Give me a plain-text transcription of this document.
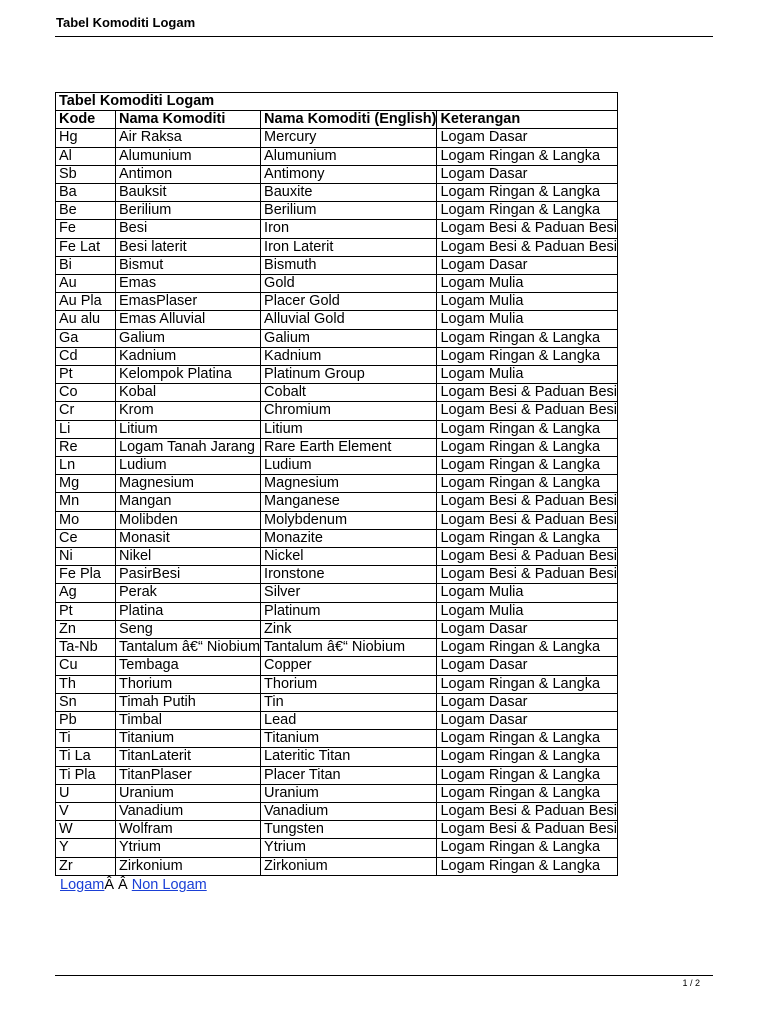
Tabel Komoditi Logam
Tabel Komoditi Logam			
Kode	Nama Komoditi	Nama Komoditi (English)	Keterangan
Hg	Air Raksa	Mercury	Logam Dasar
Al	Alumunium	Alumunium	Logam Ringan & Langka
Sb	Antimon	Antimony	Logam Dasar
Ba	Bauksit	Bauxite	Logam Ringan & Langka
Be	Berilium	Berilium	Logam Ringan & Langka
Fe	Besi	Iron	Logam Besi & Paduan Besi
Fe Lat	Besi laterit	Iron Laterit	Logam Besi & Paduan Besi
Bi	Bismut	Bismuth	Logam Dasar
Au	Emas	Gold	Logam Mulia
Au Pla	EmasPlaser	Placer Gold	Logam Mulia
Au alu	Emas Alluvial	Alluvial Gold	Logam Mulia
Ga	Galium	Galium	Logam Ringan & Langka
Cd	Kadnium	Kadnium	Logam Ringan & Langka
Pt	Kelompok Platina	Platinum Group	Logam Mulia
Co	Kobal	Cobalt	Logam Besi & Paduan Besi
Cr	Krom	Chromium	Logam Besi & Paduan Besi
Li	Litium	Litium	Logam Ringan & Langka
Re	Logam Tanah Jarang	Rare Earth Element	Logam Ringan & Langka
Ln	Ludium	Ludium	Logam Ringan & Langka
Mg	Magnesium	Magnesium	Logam Ringan & Langka
Mn	Mangan	Manganese	Logam Besi & Paduan Besi
Mo	Molibden	Molybdenum	Logam Besi & Paduan Besi
Ce	Monasit	Monazite	Logam Ringan & Langka
Ni	Nikel	Nickel	Logam Besi & Paduan Besi
Fe Pla	PasirBesi	Ironstone	Logam Besi & Paduan Besi
Ag	Perak	Silver	Logam Mulia
Pt	Platina	Platinum	Logam Mulia
Zn	Seng	Zink	Logam Dasar
Ta-Nb	Tantalum â€“ Niobium	Tantalum â€“ Niobium	Logam Ringan & Langka
Cu	Tembaga	Copper	Logam Dasar
Th	Thorium	Thorium	Logam Ringan & Langka
Sn	Timah Putih	Tin	Logam Dasar
Pb	Timbal	Lead	Logam Dasar
Ti	Titanium	Titanium	Logam Ringan & Langka
Ti La	TitanLaterit	Lateritic Titan	Logam Ringan & Langka
Ti Pla	TitanPlaser	Placer Titan	Logam Ringan & Langka
U	Uranium	Uranium	Logam Ringan & Langka
V	Vanadium	Vanadium	Logam Besi & Paduan Besi
W	Wolfram	Tungsten	Logam Besi & Paduan Besi
Y	Ytrium	Ytrium	Logam Ringan & Langka
Zr	Zirkonium	Zirkonium	Logam Ringan & Langka
LogamÂ Â Non Logam
1 / 2
